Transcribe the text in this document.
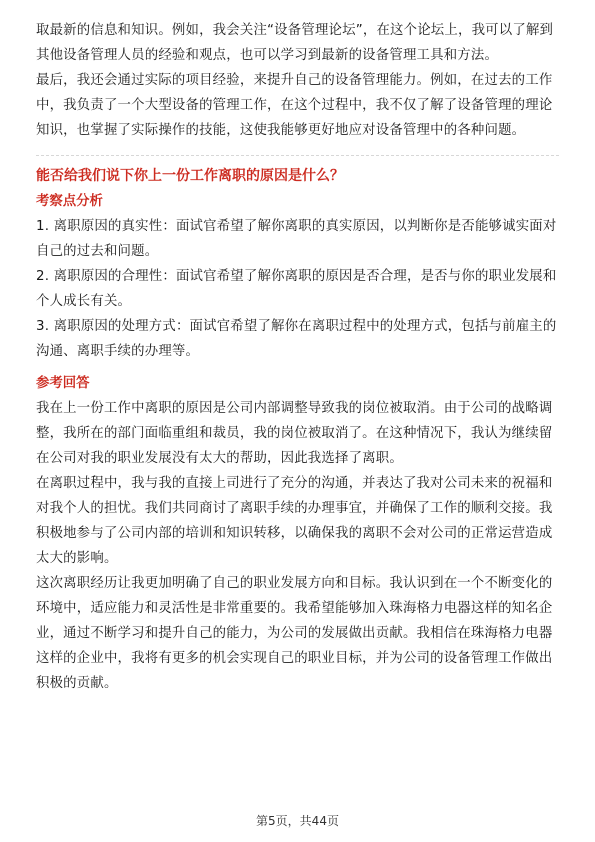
取最新的信息和知识。例如，我会关注“设备管理论坛”，在这个论坛上，我可以了解到其他设备管理人员的经验和观点，也可以学习到最新的设备管理工具和方法。

最后，我还会通过实际的项目经验，来提升自己的设备管理能力。例如，在过去的工作中，我负责了一个大型设备的管理工作，在这个过程中，我不仅了解了设备管理的理论知识，也掌握了实际操作的技能，这使我能够更好地应对设备管理中的各种问题。

能否给我们说下你上一份工作离职的原因是什么？

考察点分析

1. 离职原因的真实性：面试官希望了解你离职的真实原因，以判断你是否能够诚实面对自己的过去和问题。

2. 离职原因的合理性：面试官希望了解你离职的原因是否合理，是否与你的职业发展和个人成长有关。

3. 离职原因的处理方式：面试官希望了解你在离职过程中的处理方式，包括与前雇主的沟通、离职手续的办理等。

参考回答

我在上一份工作中离职的原因是公司内部调整导致我的岗位被取消。由于公司的战略调整，我所在的部门面临重组和裁员，我的岗位被取消了。在这种情况下，我认为继续留在公司对我的职业发展没有太大的帮助，因此我选择了离职。

在离职过程中，我与我的直接上司进行了充分的沟通，并表达了我对公司未来的祝福和对我个人的担忧。我们共同商讨了离职手续的办理事宜，并确保了工作的顺利交接。我积极地参与了公司内部的培训和知识转移，以确保我的离职不会对公司的正常运营造成太大的影响。

这次离职经历让我更加明确了自己的职业发展方向和目标。我认识到在一个不断变化的环境中，适应能力和灵活性是非常重要的。我希望能够加入珠海格力电器这样的知名企业，通过不断学习和提升自己的能力，为公司的发展做出贡献。我相信在珠海格力电器这样的企业中，我将有更多的机会实现自己的职业目标，并为公司的设备管理工作做出积极的贡献。

第5页，共44页
